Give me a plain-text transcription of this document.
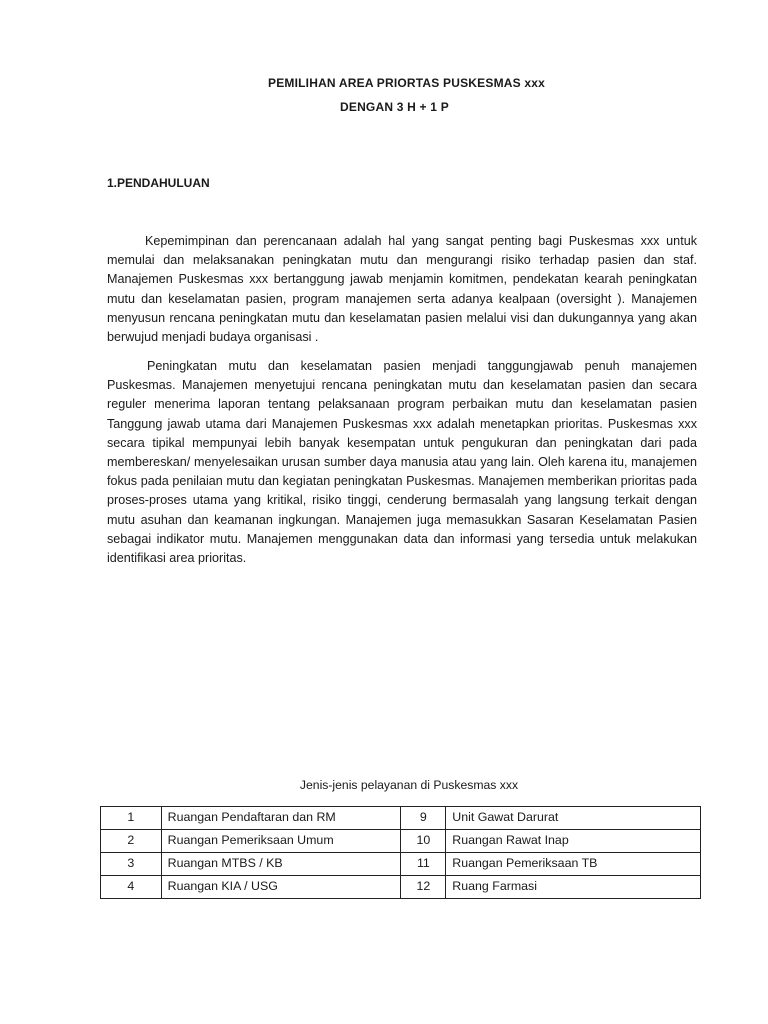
PEMILIHAN AREA PRIORTAS PUSKESMAS xxx
DENGAN 3 H + 1 P
1.PENDAHULUAN

Kepemimpinan dan perencanaan adalah hal yang sangat penting bagi Puskesmas xxx untuk memulai dan melaksanakan peningkatan mutu dan mengurangi risiko terhadap pasien dan staf. Manajemen Puskesmas xxx bertanggung jawab menjamin komitmen, pendekatan kearah peningkatan mutu dan keselamatan pasien, program manajemen serta adanya kealpaan (oversight ). Manajemen menyusun rencana peningkatan mutu dan keselamatan pasien melalui visi dan dukungannya yang akan berwujud menjadi budaya organisasi .

Peningkatan mutu dan keselamatan pasien menjadi tanggungjawab penuh manajemen Puskesmas. Manajemen menyetujui rencana peningkatan mutu dan keselamatan pasien dan secara reguler menerima laporan tentang pelaksanaan program perbaikan mutu dan keselamatan pasien Tanggung jawab utama dari Manajemen Puskesmas xxx adalah menetapkan prioritas. Puskesmas xxx secara tipikal mempunyai lebih banyak kesempatan untuk pengukuran dan peningkatan dari pada membereskan/ menyelesaikan urusan sumber daya manusia atau yang lain. Oleh karena itu, manajemen fokus pada penilaian mutu dan kegiatan peningkatan Puskesmas. Manajemen memberikan prioritas pada proses-proses utama yang kritikal, risiko tinggi, cenderung bermasalah yang langsung terkait dengan mutu asuhan dan keamanan ingkungan. Manajemen juga memasukkan Sasaran Keselamatan Pasien sebagai indikator mutu. Manajemen menggunakan data dan informasi yang tersedia untuk melakukan identifikasi area prioritas.

Jenis-jenis pelayanan di Puskesmas xxx
1	Ruangan Pendaftaran dan RM	9	Unit Gawat Darurat
2	Ruangan Pemeriksaan Umum	10	Ruangan Rawat Inap
3	Ruangan MTBS / KB	11	Ruangan Pemeriksaan TB
4	Ruangan KIA / USG	12	Ruang Farmasi
